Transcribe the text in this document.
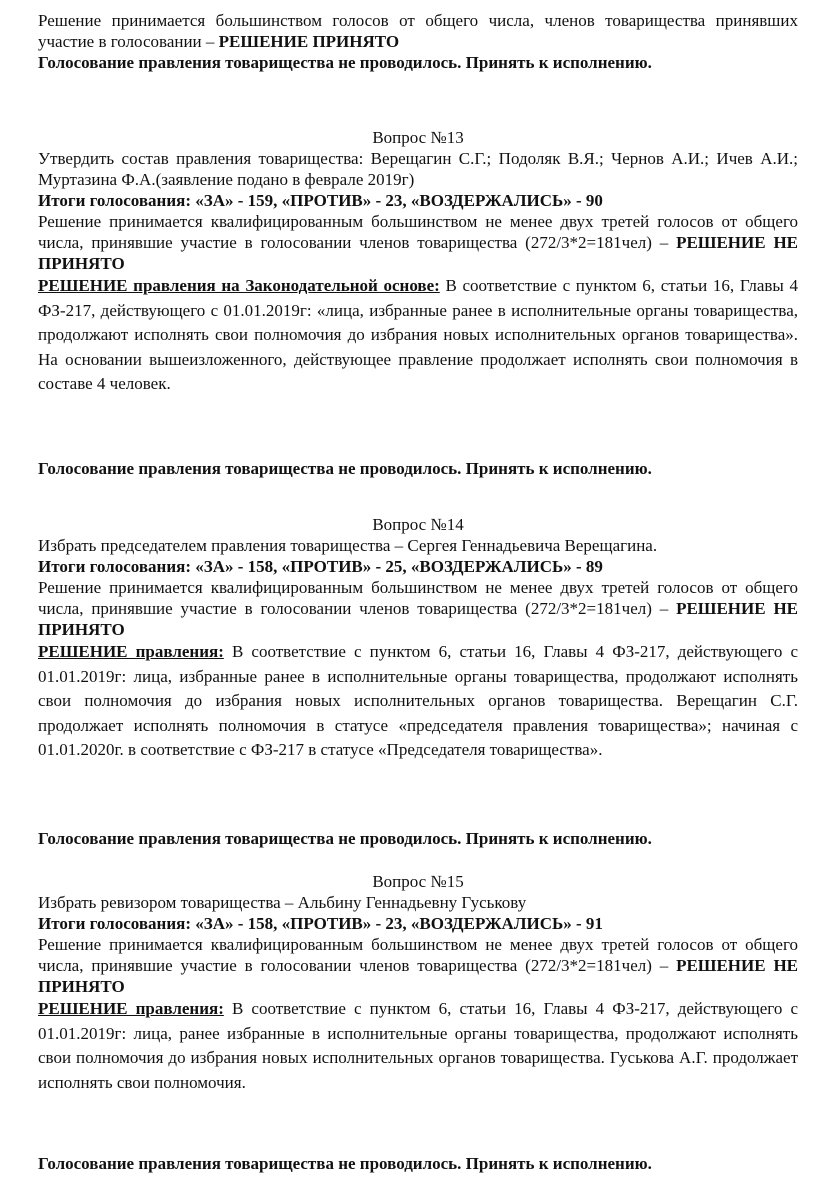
Решение принимается большинством голосов от общего числа, членов товарищества принявших участие в голосовании – РЕШЕНИЕ ПРИНЯТО
Голосование правления товарищества не проводилось. Принять к исполнению.
Вопрос №13
Утвердить состав правления товарищества: Верещагин С.Г.; Подоляк В.Я.; Чернов А.И.; Ичев А.И.; Муртазина Ф.А.(заявление подано в феврале 2019г)
Итоги голосования: «ЗА» - 159, «ПРОТИВ» - 23, «ВОЗДЕРЖАЛИСЬ» - 90
Решение принимается квалифицированным большинством не менее двух третей голосов от общего числа, принявшие участие в голосовании членов товарищества (272/3*2=181чел) – РЕШЕНИЕ НЕ ПРИНЯТО
РЕШЕНИЕ правления на Законодательной основе: В соответствие с пунктом 6, статьи 16, Главы 4 ФЗ-217, действующего с 01.01.2019г: «лица, избранные ранее в исполнительные органы товарищества, продолжают исполнять свои полномочия до избрания новых исполнительных органов товарищества». На основании вышеизложенного, действующее правление продолжает исполнять свои полномочия в составе 4 человек.
Голосование правления товарищества не проводилось. Принять к исполнению.
Вопрос №14
Избрать председателем правления товарищества – Сергея Геннадьевича Верещагина.
Итоги голосования: «ЗА» - 158, «ПРОТИВ» - 25, «ВОЗДЕРЖАЛИСЬ» - 89
Решение принимается квалифицированным большинством не менее двух третей голосов от общего числа, принявшие участие в голосовании членов товарищества (272/3*2=181чел) – РЕШЕНИЕ НЕ ПРИНЯТО
РЕШЕНИЕ правления: В соответствие с пунктом 6, статьи 16, Главы 4 ФЗ-217, действующего с 01.01.2019г: лица, избранные ранее в исполнительные органы товарищества, продолжают исполнять свои полномочия до избрания новых исполнительных органов товарищества. Верещагин С.Г. продолжает исполнять полномочия в статусе «председателя правления товарищества»; начиная с 01.01.2020г. в соответствие с ФЗ-217 в статусе «Председателя товарищества».
Голосование правления товарищества не проводилось. Принять к исполнению.
Вопрос №15
Избрать ревизором товарищества – Альбину Геннадьевну Гуськову
Итоги голосования: «ЗА» - 158, «ПРОТИВ» - 23, «ВОЗДЕРЖАЛИСЬ» - 91
Решение принимается квалифицированным большинством не менее двух третей голосов от общего числа, принявшие участие в голосовании членов товарищества (272/3*2=181чел) – РЕШЕНИЕ НЕ ПРИНЯТО
РЕШЕНИЕ правления: В соответствие с пунктом 6, статьи 16, Главы 4 ФЗ-217, действующего с 01.01.2019г: лица, ранее избранные в исполнительные органы товарищества, продолжают исполнять свои полномочия до избрания новых исполнительных органов товарищества. Гуськова А.Г. продолжает исполнять свои полномочия.
Голосование правления товарищества не проводилось. Принять к исполнению.
